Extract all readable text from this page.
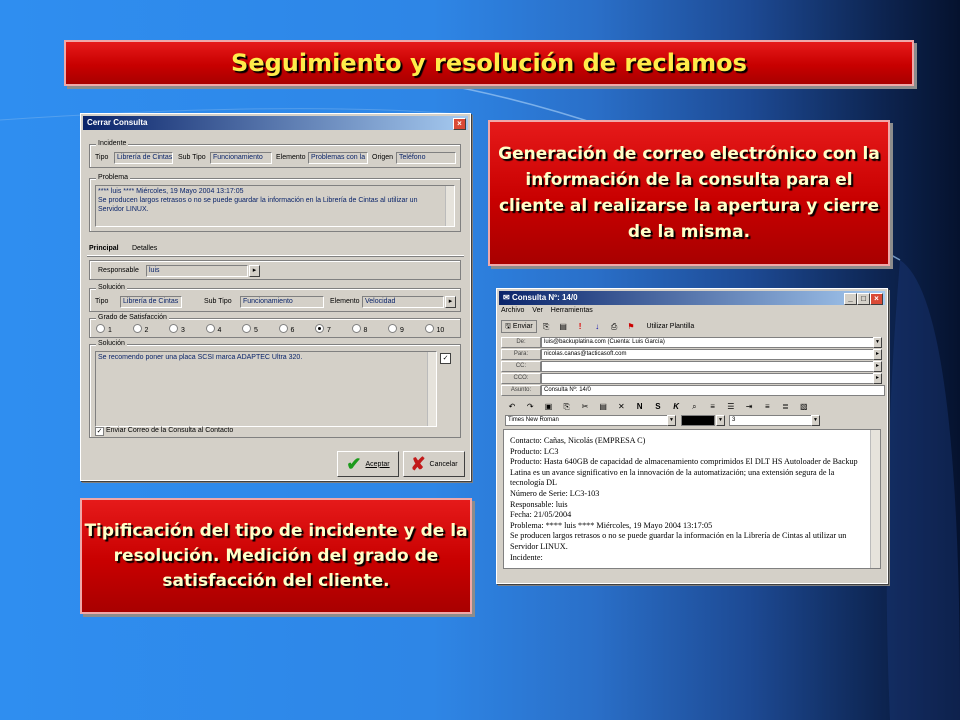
Seguimiento y resolución de reclamos
Generación de correo electrónico con la información de la consulta para el cliente al realizarse la apertura y cierre de la misma.
Tipificación del tipo de incidente y de la resolución. Medición del grado de satisfacción del cliente.
Cerrar Consulta	×
Incidente
Tipo	Librería de Cintas Sub Tipo	Funcionamiento	Elemento Problemas con la Origen Teléfono
Problema
**** luis **** Miércoles, 19 Mayo 2004 13:17:05
Se producen largos retrasos o no se puede guardar la información en la Librería de Cintas al utilizar un Servidor LINUX.
Principal Detalles
Responsable	luis	▸
Solución
Tipo	Librería de Cintas	Sub Tipo	Funcionamiento	Elemento Velocidad	▸
Grado de Satisfacción
1	2	3	4	5	6	7	8	9	10
Solución
Se recomendo poner una placa SCSI marca ADAPTEC Ultra 320.	✓
✓ Enviar Correo de la Consulta al Contacto
✔ Aceptar ✘ Cancelar
✉ Consulta Nº: 14/0	_	□	×
Archivo Ver Herramientas
🖫 Enviar ⎘ ▤ ! ↓ ⎙ ⚑ Utilizar Plantilla
De:	luis@backuplatina.com (Cuenta: Luis García)	▼
Para:	nicolas.canas@tacticasoft.com	▸
CC:	▸
CCO:	▸
Asunto:	Consulta Nº: 14/0
↶ ↷ ▣ ⎘ ✂ ▤ ✕ N S K ⌕ ≡ ☰ ⇥ ≡ ≣ ▧
Times New Roman	▼	▼	3	▼
Contacto: Cañas, Nicolás (EMPRESA C)
Producto: LC3
Producto: Hasta 640GB de capacidad de almacenamiento comprimidos El DLT HS Autoloader de Backup Latina es un avance significativo en la innovación de la automatización; una extensión segura de la tecnología DL
Número de Serie: LC3-103
Responsable: luis
Fecha: 21/05/2004
Problema: **** luis **** Miércoles, 19 Mayo 2004 13:17:05
Se producen largos retrasos o no se puede guardar la información en la Librería de Cintas al utilizar un Servidor LINUX.
Incidente:
